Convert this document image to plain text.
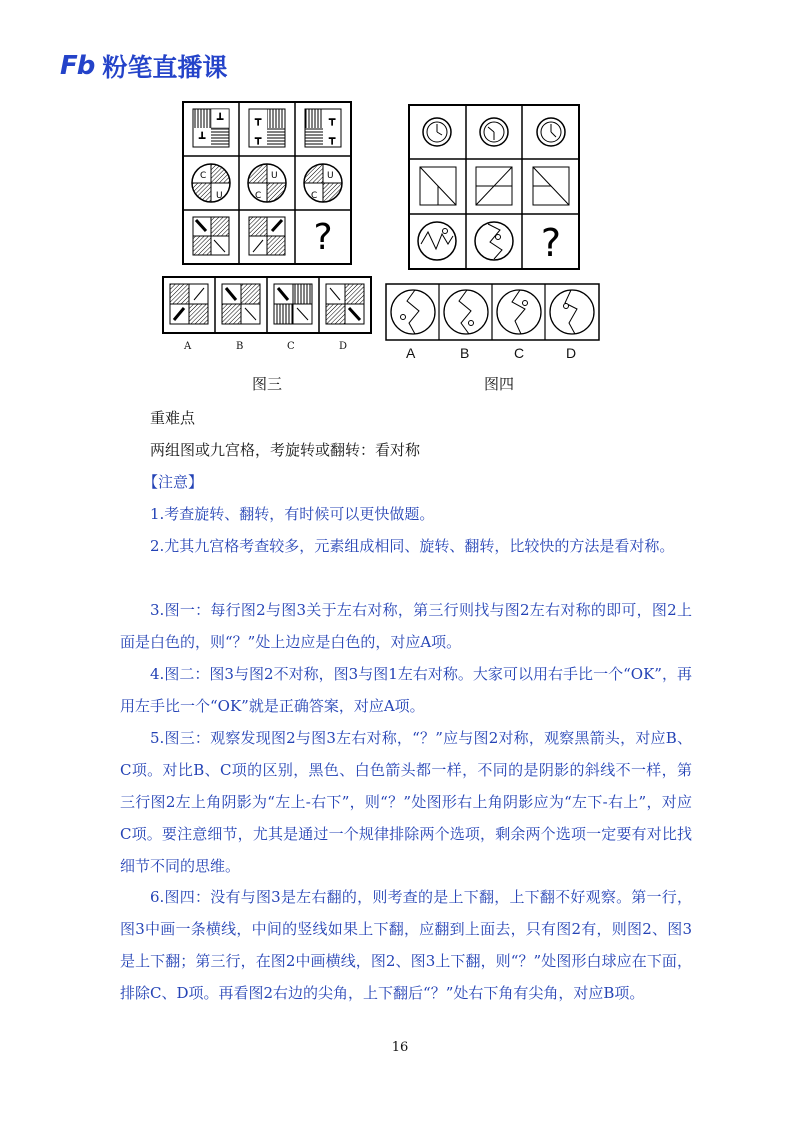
Fb 粉笔直播课
┻
┻
┳
┳
┳
┳
C
U
U
C
U
C
?
A	B	C	D
?
A	B	C	D
图三	图四
重难点
两组图或九宫格，考旋转或翻转：看对称
【注意】
1.考查旋转、翻转，有时候可以更快做题。
2.尤其九宫格考查较多，元素组成相同、旋转、翻转，比较快的方法是看对称。
3.图一：每行图2与图3关于左右对称，第三行则找与图2左右对称的即可，图2上面是白色的，则“？”处上边应是白色的，对应A项。
4.图二：图3与图2不对称，图3与图1左右对称。大家可以用右手比一个“OK”，再用左手比一个“OK”就是正确答案，对应A项。
5.图三：观察发现图2与图3左右对称，“？”应与图2对称，观察黑箭头，对应B、C项。对比B、C项的区别，黑色、白色箭头都一样，不同的是阴影的斜线不一样，第三行图2左上角阴影为“左上-右下”，则“？”处图形右上角阴影应为“左下-右上”，对应C项。要注意细节，尤其是通过一个规律排除两个选项，剩余两个选项一定要有对比找细节不同的思维。
6.图四：没有与图3是左右翻的，则考查的是上下翻，上下翻不好观察。第一行，图3中画一条横线，中间的竖线如果上下翻，应翻到上面去，只有图2有，则图2、图3是上下翻；第三行，在图2中画横线，图2、图3上下翻，则“？”处图形白球应在下面，排除C、D项。再看图2右边的尖角，上下翻后“？”处右下角有尖角，对应B项。
16
